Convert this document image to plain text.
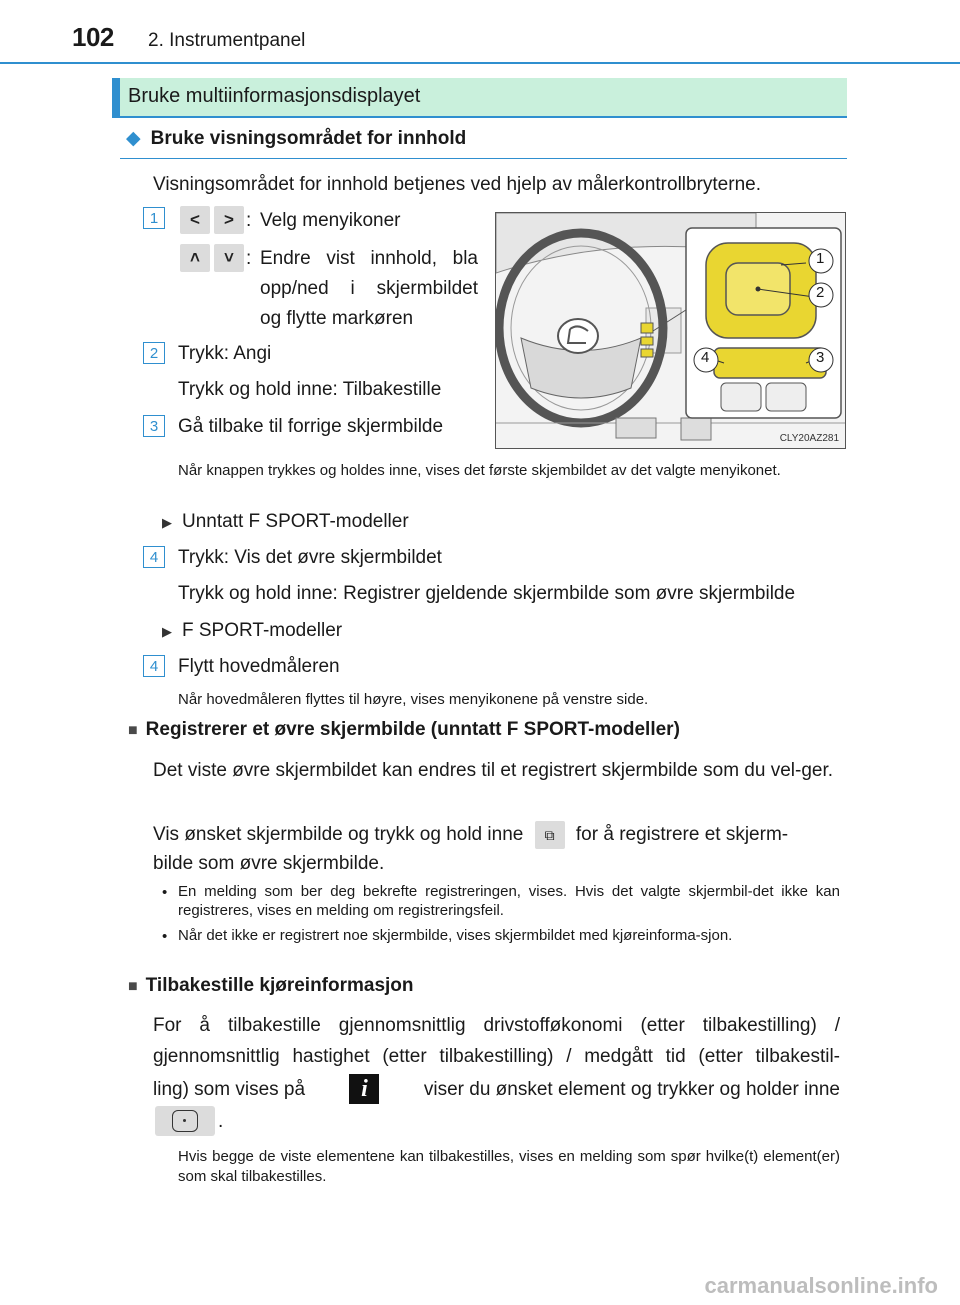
102 2. Instrumentpanel
Bruke multiinformasjonsdisplayet
◆ Bruke visningsområdet for innhold
Visningsområdet for innhold betjenes ved hjelp av målerkontrollbryterne.
1	< > : Velg menyikoner
˄ ˅ : Endre vist innhold, bla
opp/ned i skjermbildet
og flytte markøren
2	Trykk: Angi
Trykk og hold inne: Tilbakestille
3	Gå tilbake til forrige skjermbilde
1
2
3
4
CLY20AZ281
Når knappen trykkes og holdes inne, vises det første skjembildet av det valgte menyikonet.
▶ Unntatt F SPORT-modeller
4	Trykk: Vis det øvre skjermbildet
Trykk og hold inne: Registrer gjeldende skjermbilde som øvre skjermbilde
▶ F SPORT-modeller
4	Flytt hovedmåleren
Når hovedmåleren flyttes til høyre, vises menyikonene på venstre side.
■ Registrerer et øvre skjermbilde (unntatt F SPORT-modeller)
Det viste øvre skjermbildet kan endres til et registrert skjermbilde som du vel-ger.
Vis ønsket skjermbilde og trykk og hold inne ⧉ for å registrere et skjerm-
bilde som øvre skjermbilde.
• En melding som ber deg bekrefte registreringen, vises. Hvis det valgte skjermbil-det ikke kan registreres, vises en melding om registreringsfeil.
• Når det ikke er registrert noe skjermbilde, vises skjermbildet med kjøreinforma-sjon.
■ Tilbakestille kjøreinformasjon
For å tilbakestille gjennomsnittlig drivstofføkonomi (etter tilbakestilling) /
gjennomsnittlig hastighet (etter tilbakestilling) / medgått tid (etter tilbakestil-
ling) som vises på	i	viser du ønsket element og trykker og holder inne
.
Hvis begge de viste elementene kan tilbakestilles, vises en melding som spør hvilke(t) element(er) som skal tilbakestilles.
carmanualsonline.info
